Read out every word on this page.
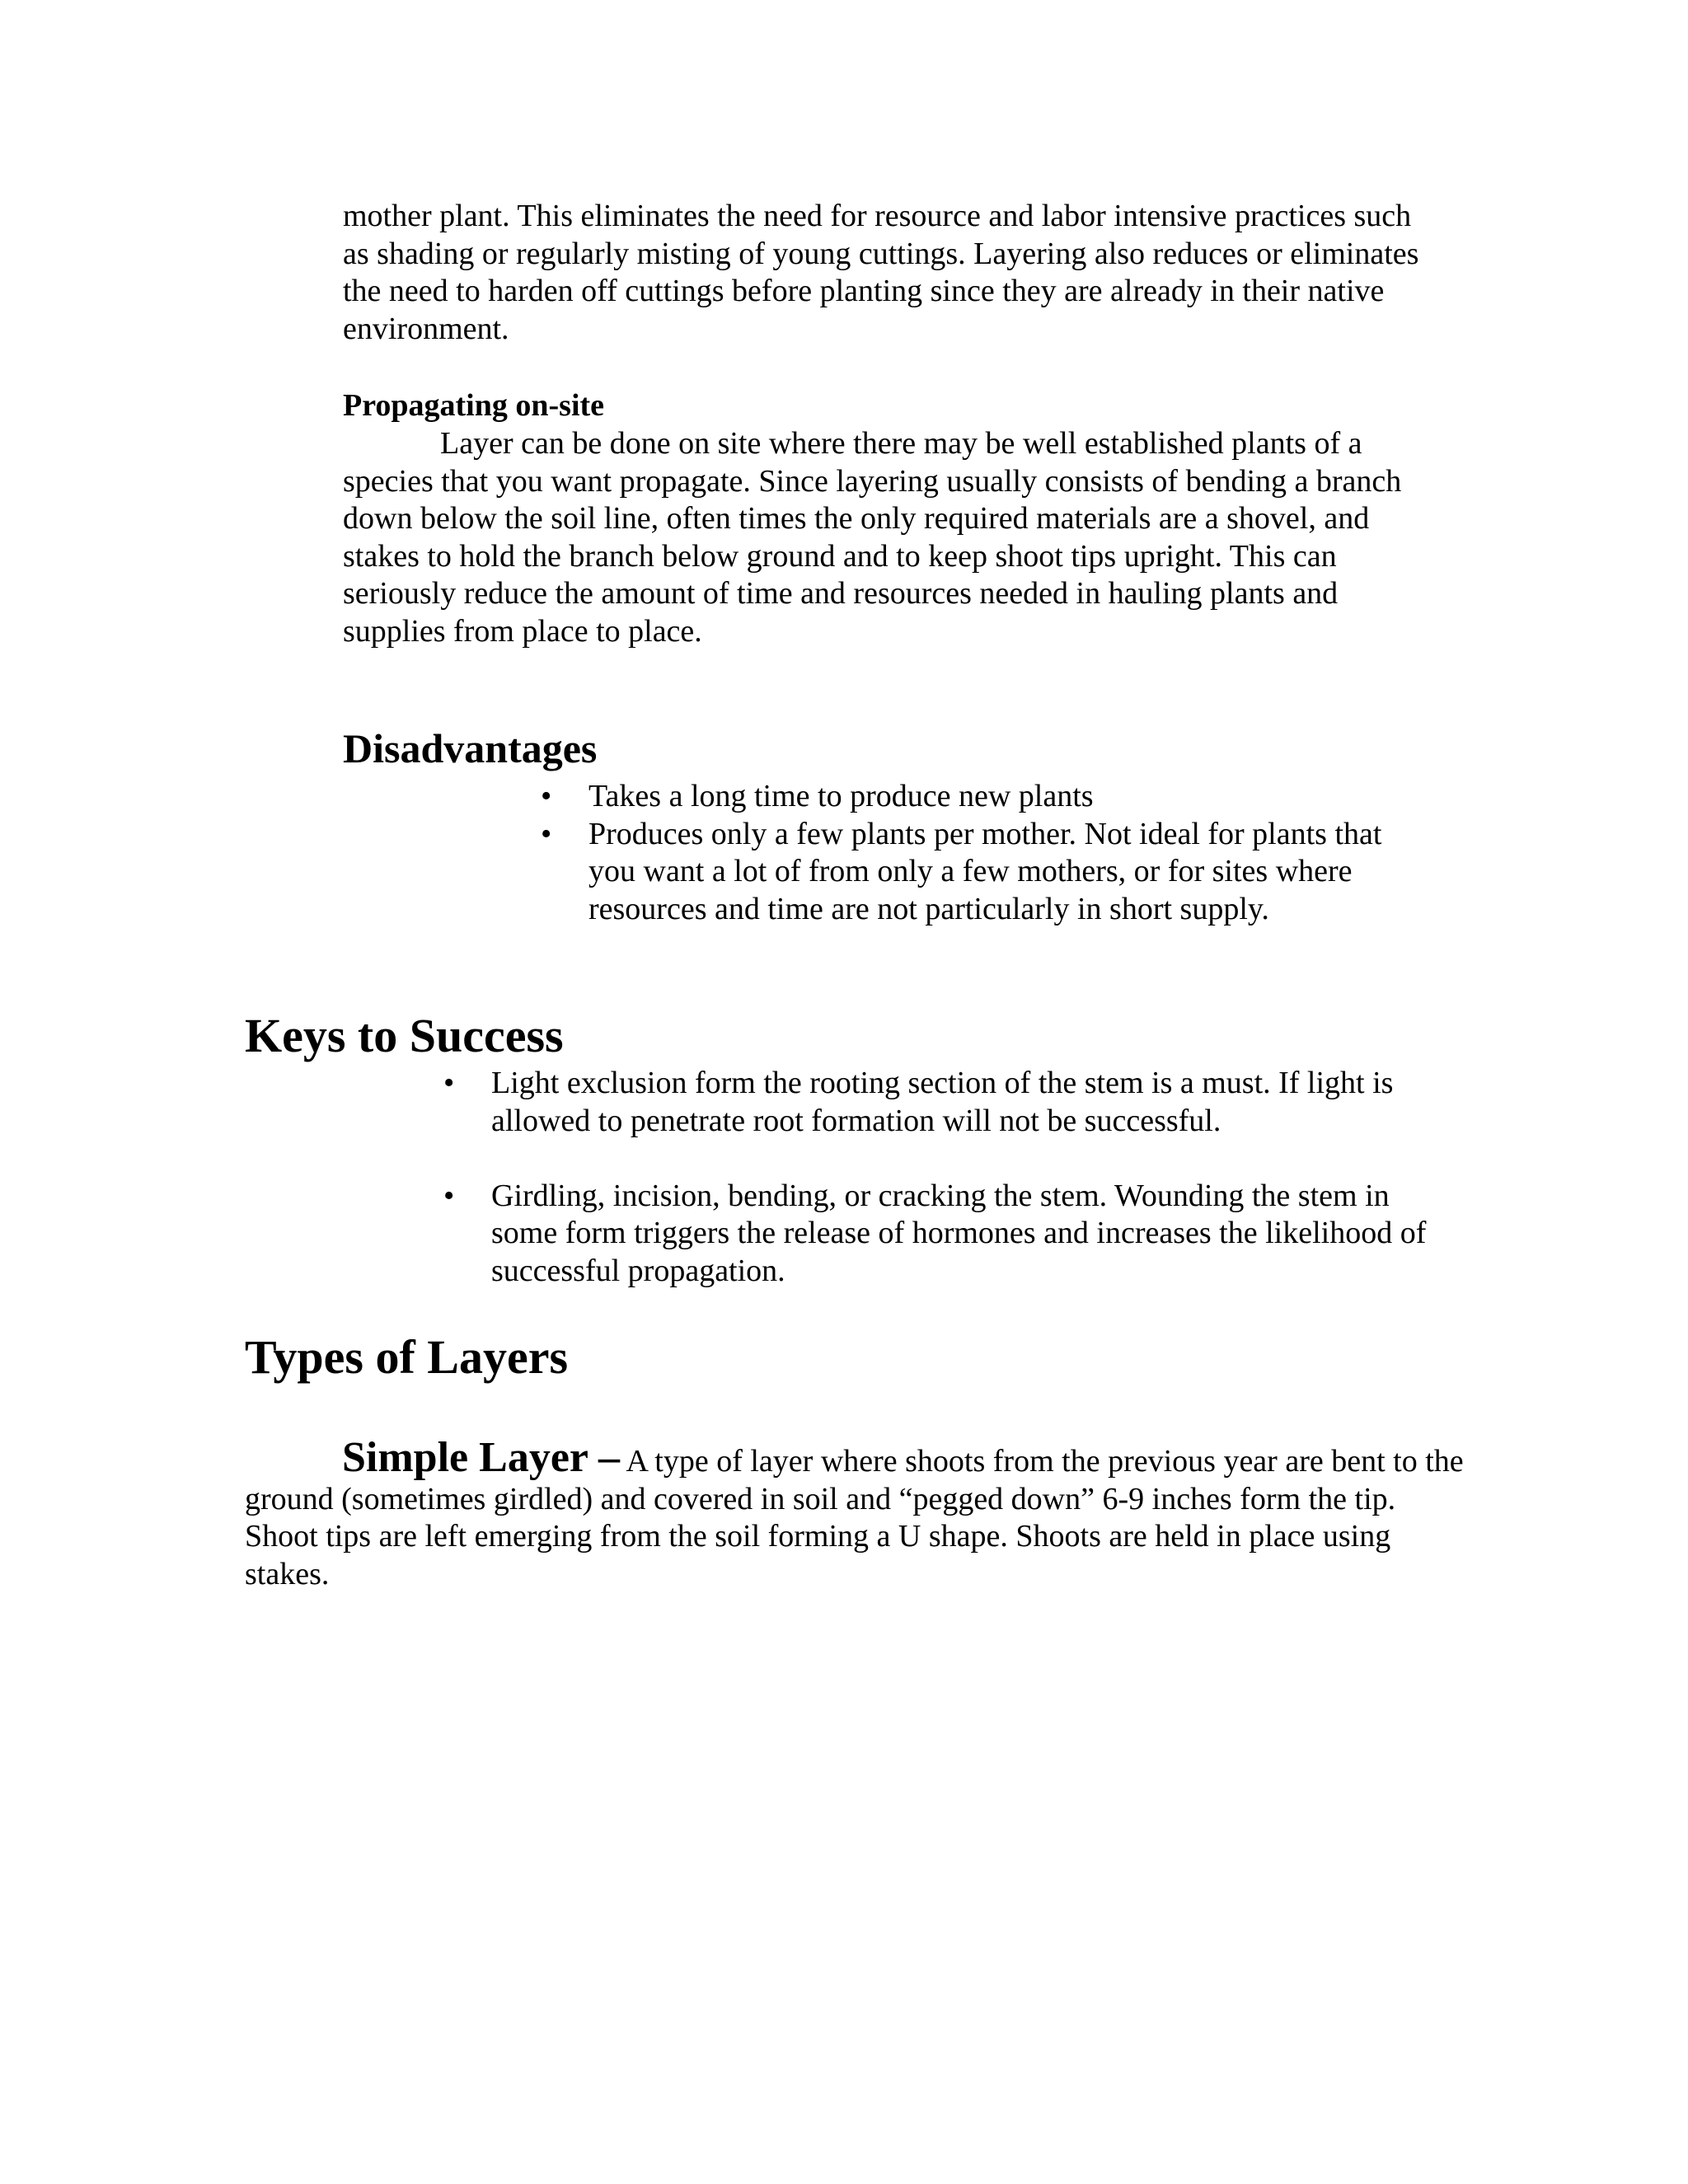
mother plant. This eliminates the need for resource and labor intensive practices such as shading or regularly misting of young cuttings. Layering also reduces or eliminates the need to harden off cuttings before planting since they are already in their native environment.

Propagating on-site

Layer can be done on site where there may be well established plants of a species that you want propagate. Since layering usually consists of bending a branch down below the soil line, often times the only required materials are a shovel, and stakes to hold the branch below ground and to keep shoot tips upright. This can seriously reduce the amount of time and resources needed in hauling plants and supplies from place to place.

Disadvantages
• Takes a long time to produce new plants
• Produces only a few plants per mother. Not ideal for plants that you want a lot of from only a few mothers, or for sites where resources and time are not particularly in short supply.
Keys to Success
• Light exclusion form the rooting section of the stem is a must. If light is allowed to penetrate root formation will not be successful.
• Girdling, incision, bending, or cracking the stem. Wounding the stem in some form triggers the release of hormones and increases the likelihood of successful propagation.
Types of Layers

Simple Layer – A type of layer where shoots from the previous year are bent to the ground (sometimes girdled) and covered in soil and “pegged down” 6-9 inches form the tip. Shoot tips are left emerging from the soil forming a U shape. Shoots are held in place using stakes.
